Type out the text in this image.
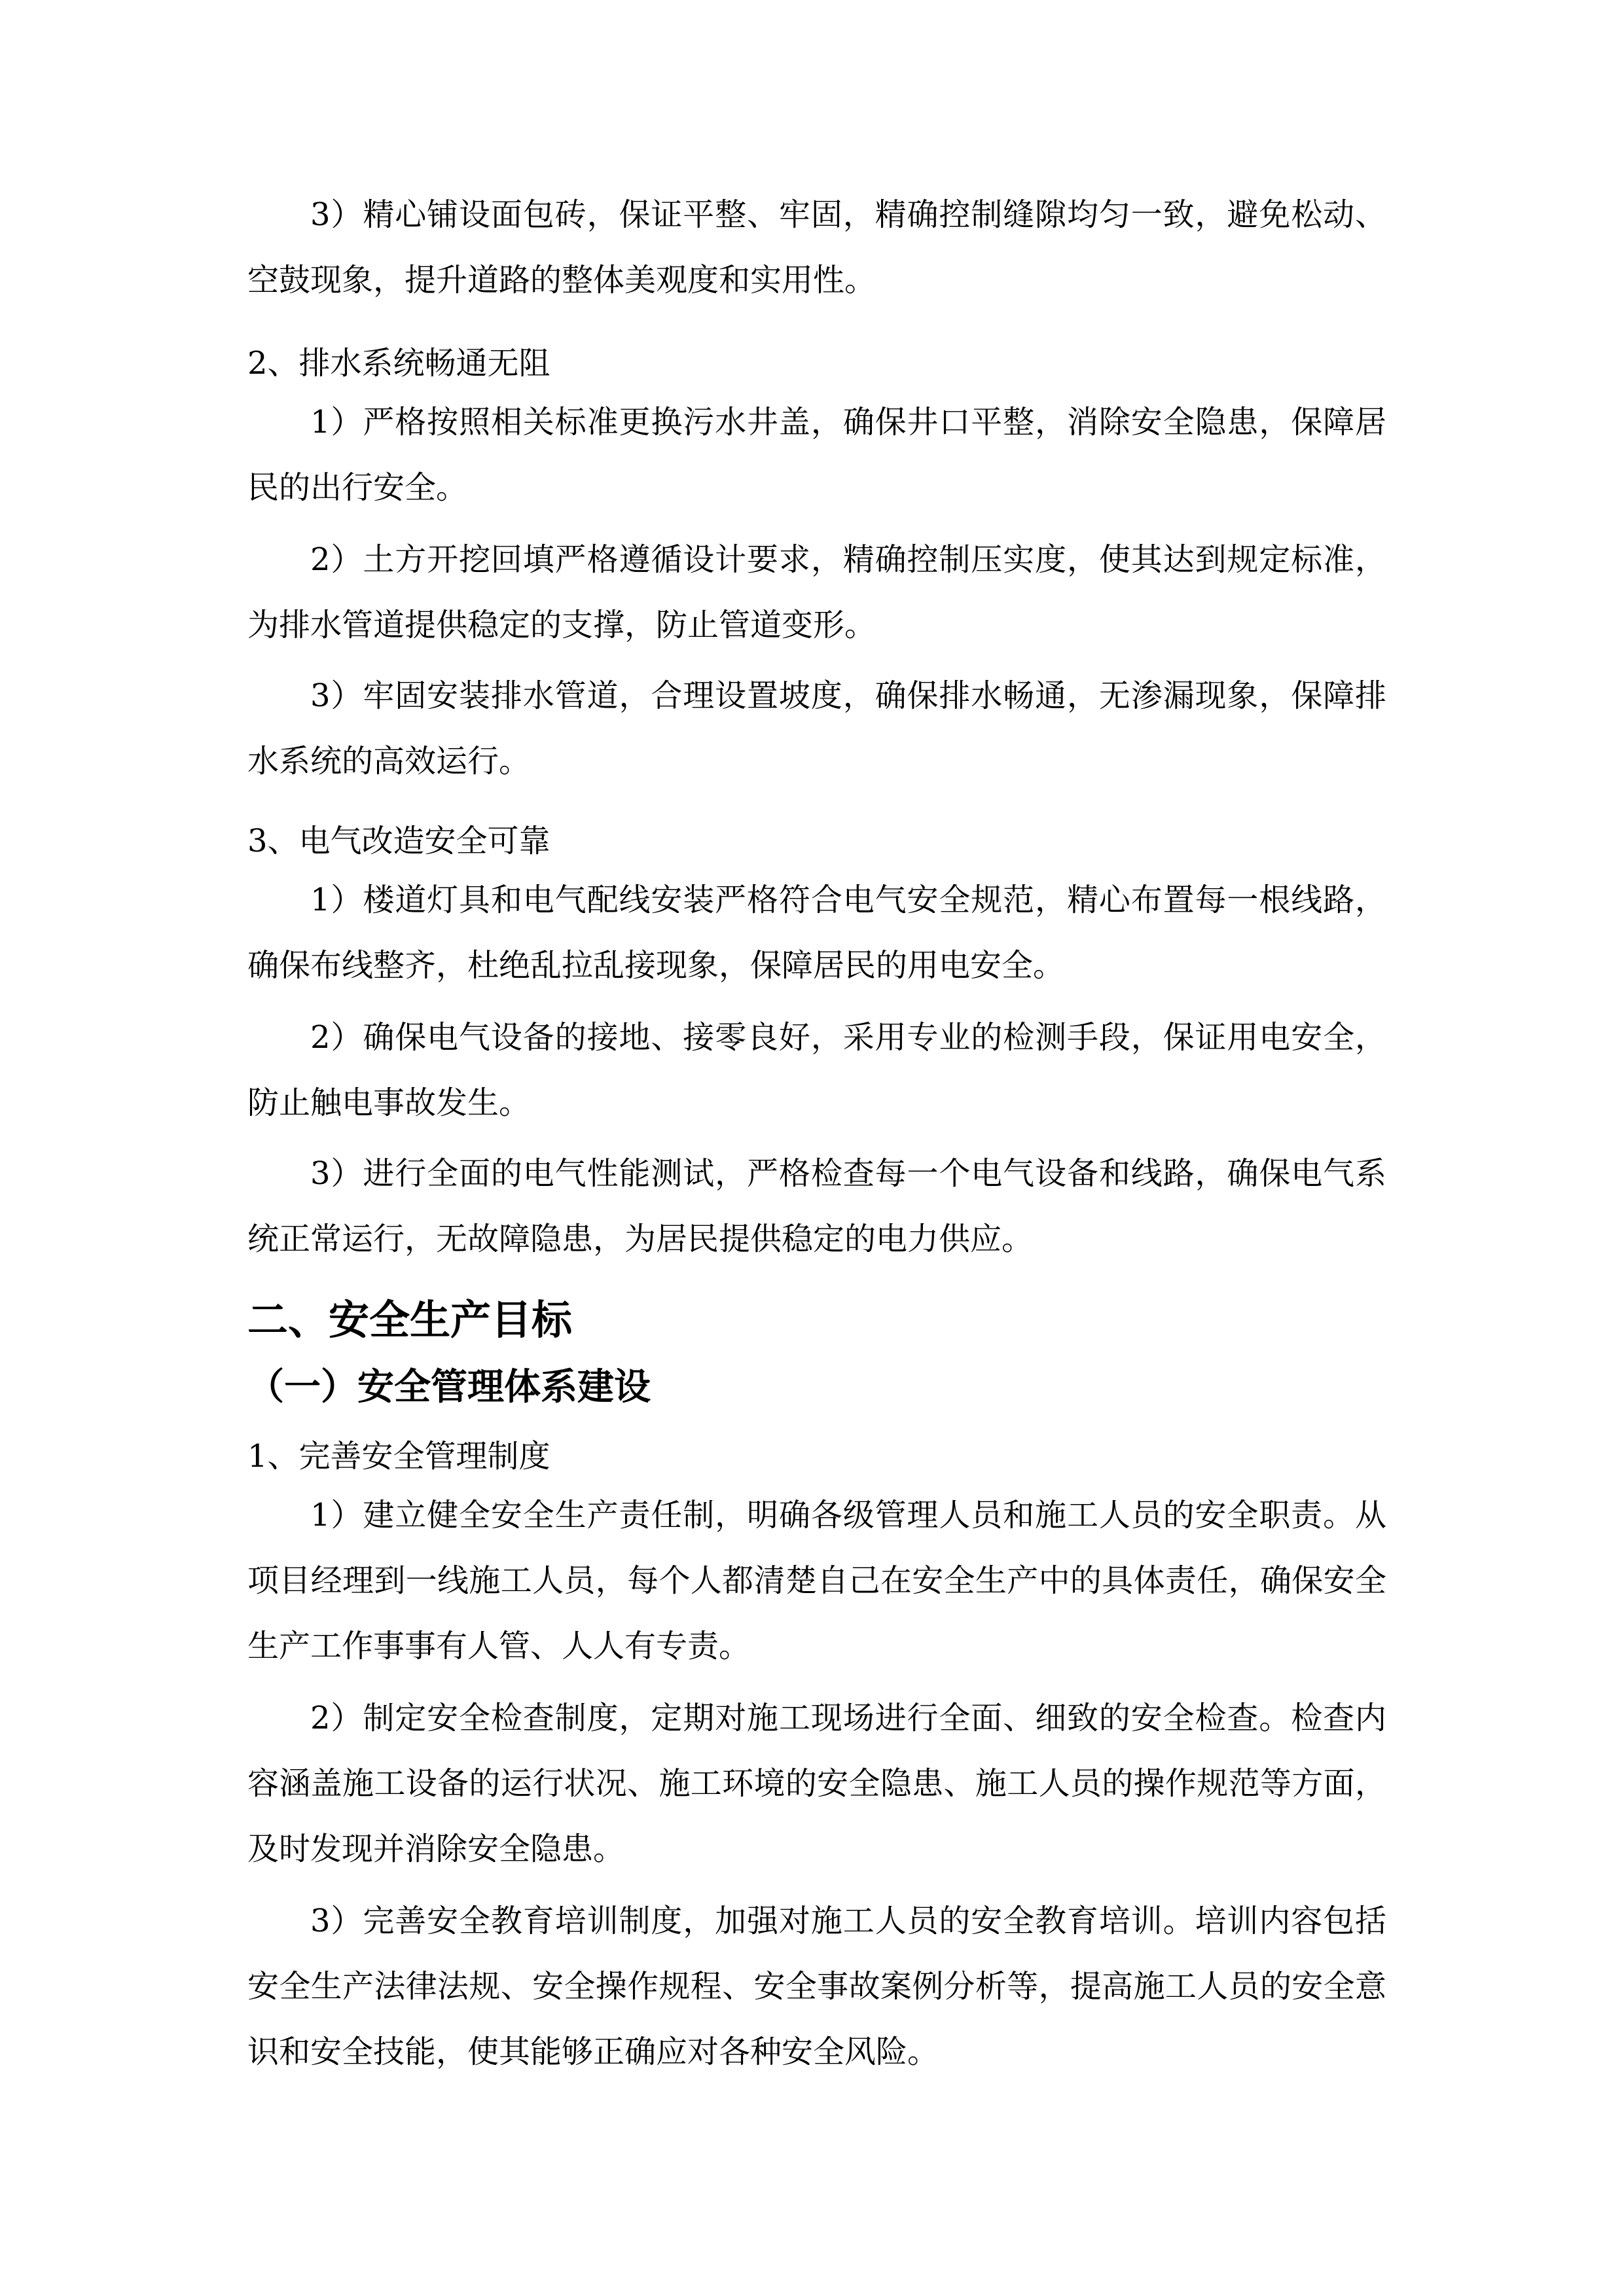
3）精心铺设面包砖，保证平整、牢固，精确控制缝隙均匀一致，避免松动、空鼓现象，提升道路的整体美观度和实用性。

2、排水系统畅通无阻

1）严格按照相关标准更换污水井盖，确保井口平整，消除安全隐患，保障居民的出行安全。

2）土方开挖回填严格遵循设计要求，精确控制压实度，使其达到规定标准，为排水管道提供稳定的支撑，防止管道变形。

3）牢固安装排水管道，合理设置坡度，确保排水畅通，无渗漏现象，保障排水系统的高效运行。

3、电气改造安全可靠

1）楼道灯具和电气配线安装严格符合电气安全规范，精心布置每一根线路，确保布线整齐，杜绝乱拉乱接现象，保障居民的用电安全。

2）确保电气设备的接地、接零良好，采用专业的检测手段，保证用电安全，防止触电事故发生。

3）进行全面的电气性能测试，严格检查每一个电气设备和线路，确保电气系统正常运行，无故障隐患，为居民提供稳定的电力供应。

二、安全生产目标
（一）安全管理体系建设

1、完善安全管理制度

1）建立健全安全生产责任制，明确各级管理人员和施工人员的安全职责。从项目经理到一线施工人员，每个人都清楚自己在安全生产中的具体责任，确保安全生产工作事事有人管、人人有专责。

2）制定安全检查制度，定期对施工现场进行全面、细致的安全检查。检查内容涵盖施工设备的运行状况、施工环境的安全隐患、施工人员的操作规范等方面，及时发现并消除安全隐患。

3）完善安全教育培训制度，加强对施工人员的安全教育培训。培训内容包括安全生产法律法规、安全操作规程、安全事故案例分析等，提高施工人员的安全意识和安全技能，使其能够正确应对各种安全风险。
